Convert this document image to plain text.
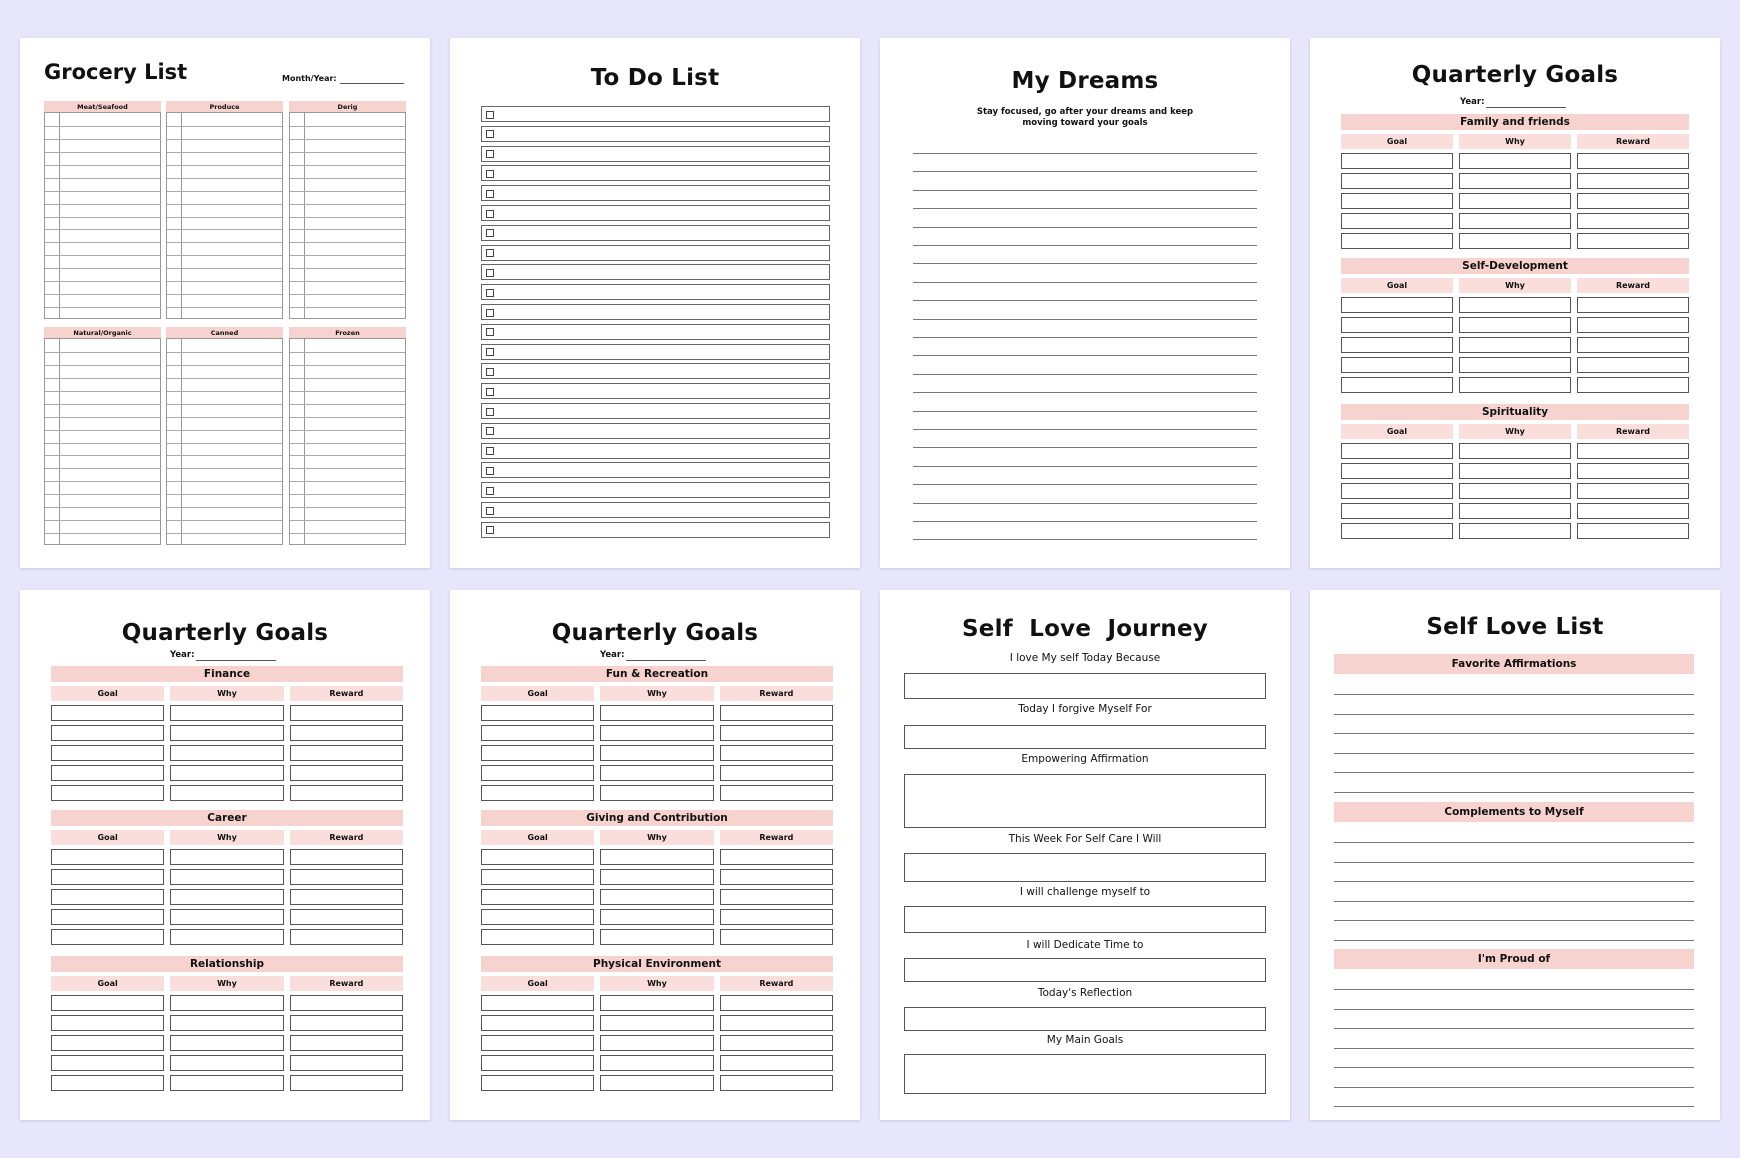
Grocery List	Month/Year:
Meat/Seafood	Produce	Derig
Natural/Organic	Canned	Frozen
To Do List	My Dreams
Stay focused, go after your dreams and keep moving toward your goals
Quarterly Goals
Year:
Family and friends
Goal	Why	Reward
Self-Development
Goal	Why	Reward
Spirituality
Goal	Why	Reward
Quarterly Goals
Year:
Finance
Goal	Why	Reward
Career
Goal	Why	Reward
Relationship
Goal	Why	Reward
Quarterly Goals
Year:
Fun & Recreation
Goal	Why	Reward
Giving and Contribution
Goal	Why	Reward
Physical Environment
Goal	Why	Reward
Self  Love  Journey
I love My self Today Because
Today I forgive Myself For
Empowering Affirmation
This Week For Self Care I Will
I will challenge myself to
I will Dedicate Time to
Today's Reflection
My Main Goals
Self Love List
Favorite Affirmations
Complements to Myself
I'm Proud of
